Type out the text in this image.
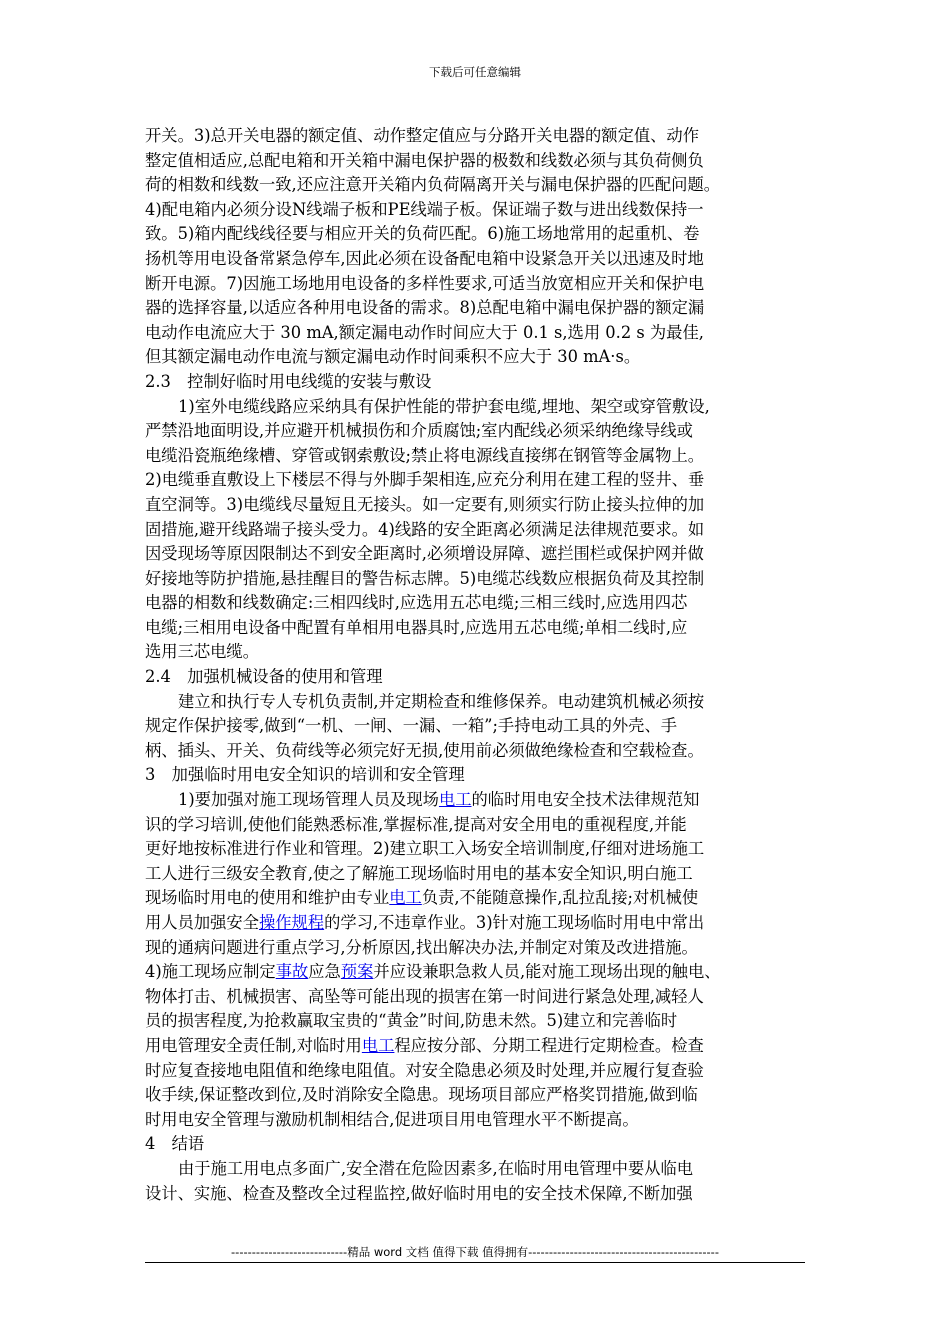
下载后可任意编辑
开关。3)总开关电器的额定值、动作整定值应与分路开关电器的额定值、动作
整定值相适应,总配电箱和开关箱中漏电保护器的极数和线数必须与其负荷侧负
荷的相数和线数一致,还应注意开关箱内负荷隔离开关与漏电保护器的匹配问题。
4)配电箱内必须分设N线端子板和PE线端子板。保证端子数与进出线数保持一
致。5)箱内配线线径要与相应开关的负荷匹配。6)施工场地常用的起重机、卷
扬机等用电设备常紧急停车,因此必须在设备配电箱中设紧急开关以迅速及时地
断开电源。7)因施工场地用电设备的多样性要求,可适当放宽相应开关和保护电
器的选择容量,以适应各种用电设备的需求。8)总配电箱中漏电保护器的额定漏
电动作电流应大于 30 mA,额定漏电动作时间应大于 0.1 s,选用 0.2 s 为最佳,
但其额定漏电动作电流与额定漏电动作时间乘积不应大于 30 mA·s。
2.3　控制好临时用电线缆的安装与敷设
1)室外电缆线路应采纳具有保护性能的带护套电缆,埋地、架空或穿管敷设,
严禁沿地面明设,并应避开机械损伤和介质腐蚀;室内配线必须采纳绝缘导线或
电缆沿瓷瓶绝缘槽、穿管或钢索敷设;禁止将电源线直接绑在钢管等金属物上。
2)电缆垂直敷设上下楼层不得与外脚手架相连,应充分利用在建工程的竖井、垂
直空洞等。3)电缆线尽量短且无接头。如一定要有,则须实行防止接头拉伸的加
固措施,避开线路端子接头受力。4)线路的安全距离必须满足法律规范要求。如
因受现场等原因限制达不到安全距离时,必须增设屏障、遮拦围栏或保护网并做
好接地等防护措施,悬挂醒目的警告标志牌。5)电缆芯线数应根据负荷及其控制
电器的相数和线数确定:三相四线时,应选用五芯电缆;三相三线时,应选用四芯
电缆;三相用电设备中配置有单相用电器具时,应选用五芯电缆;单相二线时,应
选用三芯电缆。
2.4　加强机械设备的使用和管理
建立和执行专人专机负责制,并定期检查和维修保养。电动建筑机械必须按
规定作保护接零,做到“一机、一闸、一漏、一箱”;手持电动工具的外壳、手
柄、插头、开关、负荷线等必须完好无损,使用前必须做绝缘检查和空载检查。
3　加强临时用电安全知识的培训和安全管理
1)要加强对施工现场管理人员及现场电工的临时用电安全技术法律规范知
识的学习培训,使他们能熟悉标准,掌握标准,提高对安全用电的重视程度,并能
更好地按标准进行作业和管理。2)建立职工入场安全培训制度,仔细对进场施工
工人进行三级安全教育,使之了解施工现场临时用电的基本安全知识,明白施工
现场临时用电的使用和维护由专业电工负责,不能随意操作,乱拉乱接;对机械使
用人员加强安全操作规程的学习,不违章作业。3)针对施工现场临时用电中常出
现的通病问题进行重点学习,分析原因,找出解决办法,并制定对策及改进措施。
4)施工现场应制定事故应急预案并应设兼职急救人员,能对施工现场出现的触电、
物体打击、机械损害、高坠等可能出现的损害在第一时间进行紧急处理,减轻人
员的损害程度,为抢救赢取宝贵的“黄金”时间,防患未然。5)建立和完善临时
用电管理安全责任制,对临时用电工程应按分部、分期工程进行定期检查。检查
时应复查接地电阻值和绝缘电阻值。对安全隐患必须及时处理,并应履行复查验
收手续,保证整改到位,及时消除安全隐患。现场项目部应严格奖罚措施,做到临
时用电安全管理与激励机制相结合,促进项目用电管理水平不断提高。
4　结语
由于施工用电点多面广,安全潜在危险因素多,在临时用电管理中要从临电
设计、实施、检查及整改全过程监控,做好临时用电的安全技术保障,不断加强
----------------------------精品 word 文档 值得下载 值得拥有----------------------------------------------
